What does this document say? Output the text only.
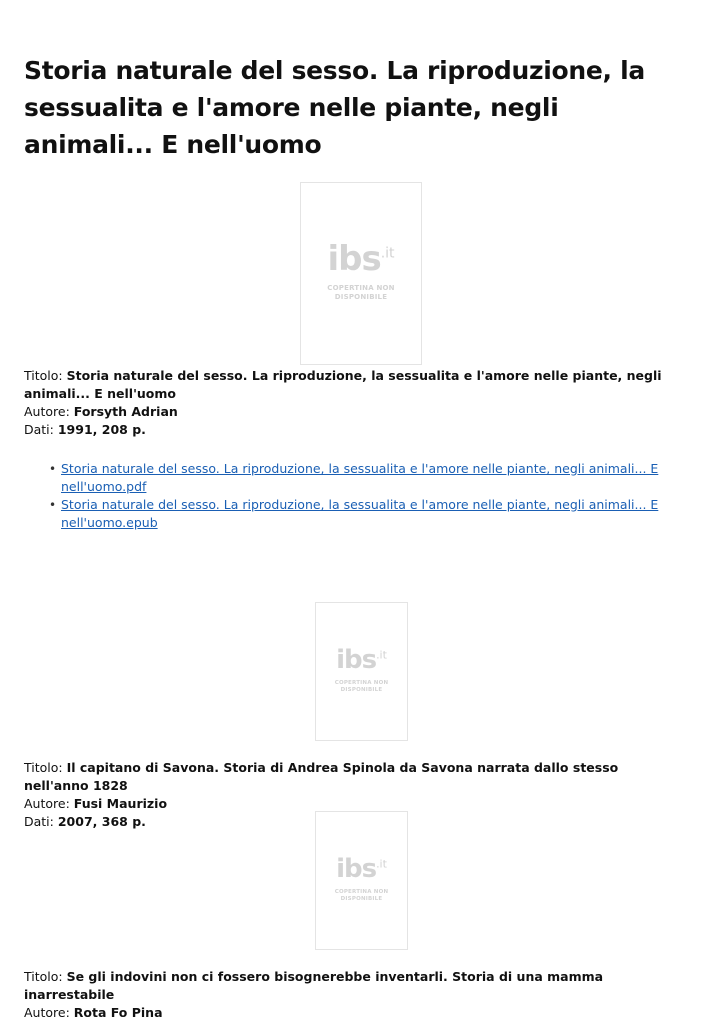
Storia naturale del sesso. La riproduzione, la sessualita e l'amore nelle piante, negli animali... E nell'uomo
ibs$^{.it}$
COPERTINA NON
DISPONIBILE
Titolo: Storia naturale del sesso. La riproduzione, la sessualita e l'amore nelle piante, negli animali... E nell'uomo
Autore: Forsyth Adrian
Dati: 1991, 208 p.
• Storia naturale del sesso. La riproduzione, la sessualita e l'amore nelle piante, negli animali... E nell'uomo.pdf
• Storia naturale del sesso. La riproduzione, la sessualita e l'amore nelle piante, negli animali... E nell'uomo.epub
ibs$^{.it}$
COPERTINA NON
DISPONIBILE
Titolo: Il capitano di Savona. Storia di Andrea Spinola da Savona narrata dallo stesso nell'anno 1828
Autore: Fusi Maurizio
Dati: 2007, 368 p.
ibs$^{.it}$
COPERTINA NON
DISPONIBILE
Titolo: Se gli indovini non ci fossero bisognerebbe inventarli. Storia di una mamma inarrestabile
Autore: Rota Fo Pina
